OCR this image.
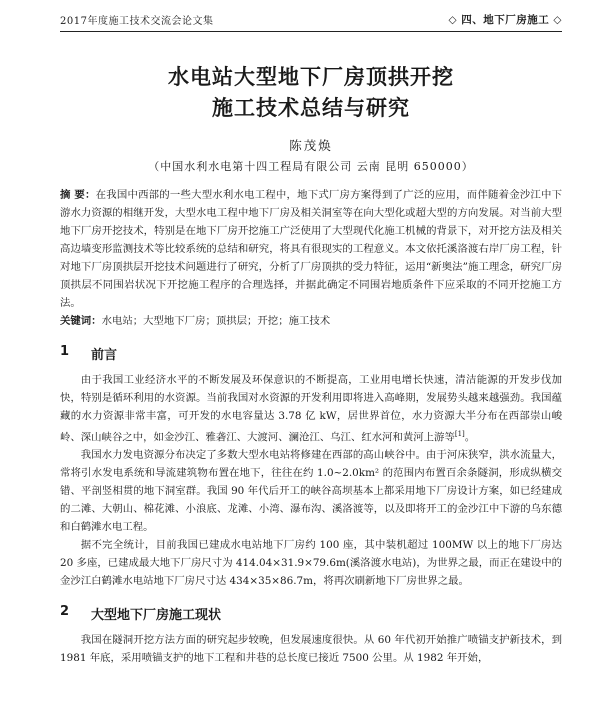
2017年度施工技术交流会论文集	◇ 四、地下厂房施工 ◇
水电站大型地下厂房顶拱开挖
施工技术总结与研究
陈茂焕
（中国水利水电第十四工程局有限公司 云南 昆明 650000）
摘 要：在我国中西部的一些大型水利水电工程中，地下式厂房方案得到了广泛的应用，而伴随着金沙江中下游水力资源的相继开发，大型水电工程中地下厂房及相关洞室等在向大型化或超大型的方向发展。对当前大型地下厂房开挖技术，特别是在地下厂房开挖施工广泛使用了大型现代化施工机械的背景下，对开挖方法及相关高边墙变形监测技术等比较系统的总结和研究，将具有很现实的工程意义。本文依托溪洛渡右岸厂房工程，针对地下厂房顶拱层开挖技术问题进行了研究，分析了厂房顶拱的受力特征，运用“新奥法”施工理念，研究厂房顶拱层不同围岩状况下开挖施工程序的合理选择，并据此确定不同围岩地质条件下应采取的不同开挖施工方法。
关键词：水电站；大型地下厂房；顶拱层；开挖；施工技术
1 前言

由于我国工业经济水平的不断发展及环保意识的不断提高，工业用电增长快速，清洁能源的开发步伐加快，特别是循环利用的水资源。当前我国对水资源的开发利用即将进入高峰期，发展势头越来越强劲。我国蕴藏的水力资源非常丰富，可开发的水电容量达 3.78 亿 kW，居世界首位，水力资源大半分布在西部崇山峻岭、深山峡谷之中，如金沙江、雅砻江、大渡河、澜沧江、乌江、红水河和黄河上游等[1]。

我国水力发电资源分布决定了多数大型水电站将修建在西部的高山峡谷中。由于河床狭窄，洪水流量大，常将引水发电系统和导流建筑物布置在地下，往往在约 1.0~2.0km² 的范围内布置百余条隧洞，形成纵横交错、平剖竖相贯的地下洞室群。我国 90 年代后开工的峡谷高坝基本上都采用地下厂房设计方案，如已经建成的二滩、大朝山、棉花滩、小浪底、龙滩、小湾、瀑布沟、溪洛渡等，以及即将开工的金沙江中下游的乌东德和白鹤滩水电工程。

据不完全统计，目前我国已建成水电站地下厂房约 100 座，其中装机超过 100MW 以上的地下厂房达 20 多座，已建成最大地下厂房尺寸为 414.04×31.9×79.6m(溪洛渡水电站)，为世界之最，而正在建设中的金沙江白鹤滩水电站地下厂房尺寸达 434×35×86.7m，将再次刷新地下厂房世界之最。

2 大型地下厂房施工现状

我国在隧洞开挖方法方面的研究起步较晚，但发展速度很快。从 60 年代初开始推广喷锚支护新技术，到 1981 年底，采用喷锚支护的地下工程和井巷的总长度已接近 7500 公里。从 1982 年开始，
